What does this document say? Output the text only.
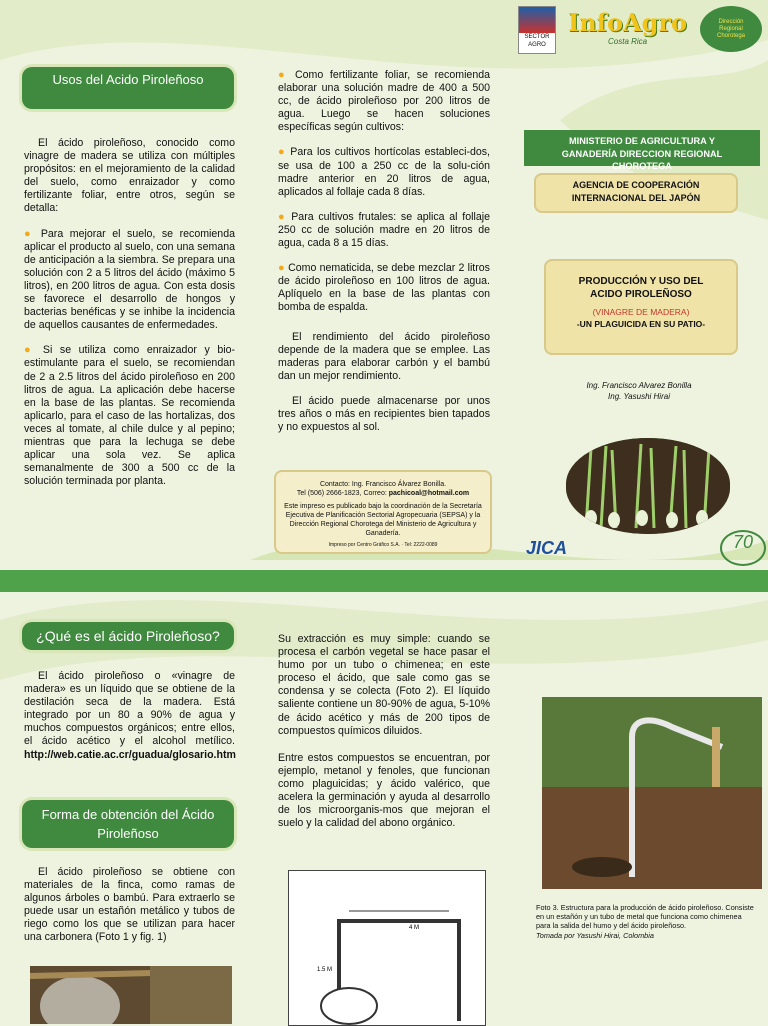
SECTOR AGRO
InfoAgro
Costa Rica
Dirección Regional Chorotega
Usos del Acido Piroleñoso

El ácido piroleñoso, conocido como vinagre de madera se utiliza con múltiples propósitos: en el mejoramiento de la calidad del suelo, como enraizador y como fertilizante foliar, entre otros, según se detalla:

● Para mejorar el suelo, se recomienda aplicar el producto al suelo, con una semana de anticipación a la siembra. Se prepara una solución con 2 a 5 litros del ácido (máximo 5 litros), en 200 litros de agua. Con esta dosis se favorece el desarrollo de hongos y bacterias benéficas y se inhibe la incidencia de aquellos causantes de enfermedades.

● Si se utiliza como enraizador y bio-estimulante para el suelo, se recomiendan de 2 a 2.5 litros del ácido piroleñoso en 200 litros de agua. La aplicación debe hacerse en la base de las plantas. Se recomienda aplicarlo, para el caso de las hortalizas, dos veces al tomate, al chile dulce y al pepino; mientras que para la lechuga se debe aplicar una sola vez. Se aplica semanalmente de 300 a 500 cc de la solución terminada por planta.

● Como fertilizante foliar, se recomienda elaborar una solución madre de 400 a 500 cc, de ácido piroleñoso por 200 litros de agua. Luego se hacen soluciones específicas según cultivos:

● Para los cultivos hortícolas estableci-dos, se usa de 100 a 250 cc de la solu-ción madre anterior en 20 litros de agua, aplicados al follaje cada 8 días.

● Para cultivos frutales: se aplica al follaje 250 cc de solución madre en 20 litros de agua, cada 8 a 15 días.

● Como nematicida, se debe mezclar 2 litros de ácido piroleñoso en 100 litros de agua. Aplíquelo en la base de las plantas con bomba de espalda.

El rendimiento del ácido piroleñoso depende de la madera que se emplee. Las maderas para elaborar carbón y el bambú dan un mejor rendimiento.

El ácido puede almacenarse por unos tres años o más en recipientes bien tapados y no expuestos al sol.

Contacto: Ing. Francisco Álvarez Bonilla.
Tel (506) 2666-1823, Correo: pachicoal@hotmail.com
Este impreso es publicado bajo la coordinación de la Secretaría Ejecutiva de Planificación Sectorial Agropecuaria (SEPSA) y la Dirección Regional Chorotega del Ministerio de Agricultura y Ganadería.
Impreso por Centro Gráfico S.A. · Tel: 2222-0089
MINISTERIO DE AGRICULTURA Y GANADERÍA DIRECCION REGIONAL CHOROTEGA
AGENCIA DE COOPERACIÓN INTERNACIONAL DEL JAPÓN
PRODUCCIÓN Y USO DEL ACIDO PIROLEÑOSO
(VINAGRE DE MADERA)
-UN PLAGUICIDA EN SU PATIO-
Ing. Francisco Alvarez Bonilla
Ing. Yasushi Hirai
JICA	70
¿Qué es el ácido Piroleñoso?

El ácido piroleñoso o «vinagre de madera» es un líquido que se obtiene de la destilación seca de la madera. Está integrado por un 80 a 90% de agua y muchos compuestos orgánicos; entre ellos, el ácido acético y el alcohol metílico. http://web.catie.ac.cr/guadua/glosario.htm

Forma de obtención del Ácido Piroleñoso

El ácido piroleñoso se obtiene con materiales de la finca, como ramas de algunos árboles o bambú. Para extraerlo se puede usar un estañón metálico y tubos de riego como los que se utilizan para hacer una carbonera (Foto 1 y fig. 1)

Su extracción es muy simple: cuando se procesa el carbón vegetal se hace pasar el humo por un tubo o chimenea; en este proceso el ácido, que sale como gas se condensa y se colecta (Foto 2). El líquido saliente contiene un 80-90% de agua, 5-10% de ácido acético y más de 200 tipos de compuestos químicos diluidos.

Entre estos compuestos se encuentran, por ejemplo, metanol y fenoles, que funcionan como plaguicidas; y ácido valérico, que acelera la germinación y ayuda al desarrollo de los microorganis-mos que mejoran el suelo y la calidad del abono orgánico.

4 M
1.5 M
Foto 3. Estructura para la producción de ácido piroleñoso. Consiste en un estañón y un tubo de metal que funciona como chimenea para la salida del humo y del ácido piroleñoso.
Tomada por Yasushi Hirai, Colombia
